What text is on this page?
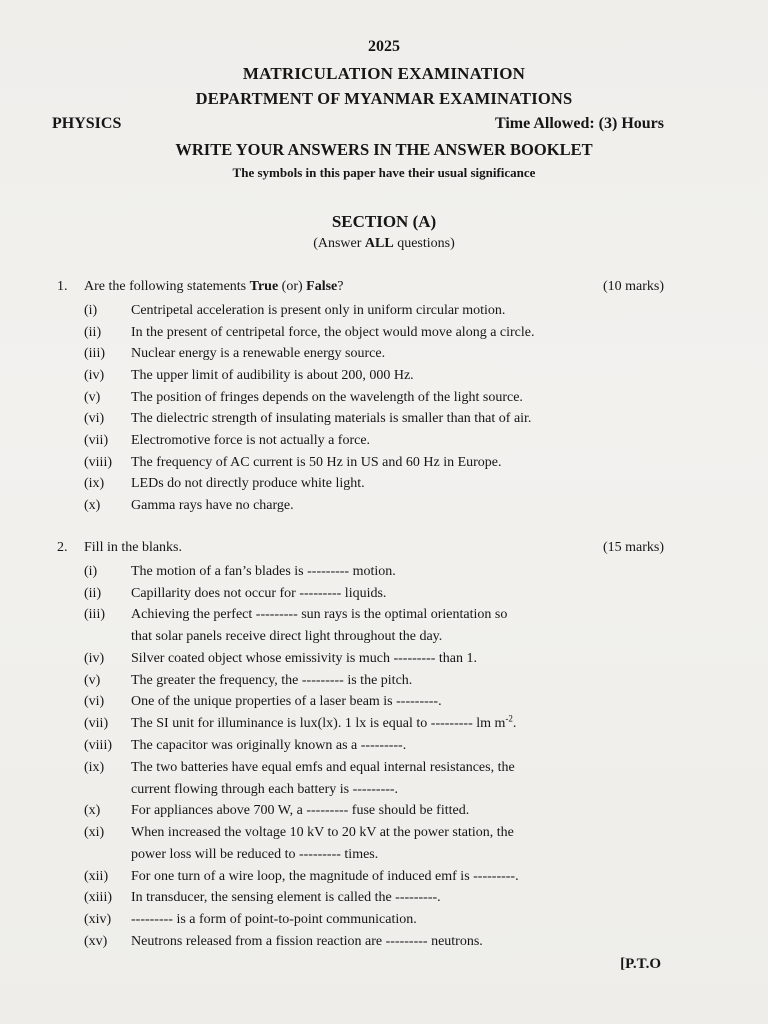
2025
MATRICULATION EXAMINATION
DEPARTMENT OF MYANMAR EXAMINATIONS
PHYSICS	Time Allowed: (3) Hours
WRITE YOUR ANSWERS IN THE ANSWER BOOKLET
The symbols in this paper have their usual significance
SECTION (A)
(Answer ALL questions)
1. Are the following statements True (or) False?	(10 marks)
(i)	Centripetal acceleration is present only in uniform circular motion.
(ii)	In the present of centripetal force, the object would move along a circle.
(iii)	Nuclear energy is a renewable energy source.
(iv)	The upper limit of audibility is about 200, 000 Hz.
(v)	The position of fringes depends on the wavelength of the light source.
(vi)	The dielectric strength of insulating materials is smaller than that of air.
(vii)	Electromotive force is not actually a force.
(viii)	The frequency of AC current is 50 Hz in US and 60 Hz in Europe.
(ix)	LEDs do not directly produce white light.
(x)	Gamma rays have no charge.
2. Fill in the blanks.	(15 marks)
(i)	The motion of a fan’s blades is --------- motion.
(ii)	Capillarity does not occur for --------- liquids.
(iii)	Achieving the perfect --------- sun rays is the optimal orientation so
that solar panels receive direct light throughout the day.
(iv)	Silver coated object whose emissivity is much --------- than 1.
(v)	The greater the frequency, the --------- is the pitch.
(vi)	One of the unique properties of a laser beam is ---------.
(vii)	The SI unit for illuminance is lux(lx). 1 lx is equal to --------- lm $m^{-2}$.
(viii)	The capacitor was originally known as a ---------.
(ix)	The two batteries have equal emfs and equal internal resistances, the
current flowing through each battery is ---------.
(x)	For appliances above 700 W, a --------- fuse should be fitted.
(xi)	When increased the voltage 10 kV to 20 kV at the power station, the
power loss will be reduced to --------- times.
(xii)	For one turn of a wire loop, the magnitude of induced emf is ---------.
(xiii)	In transducer, the sensing element is called the ---------.
(xiv)	--------- is a form of point-to-point communication.
(xv)	Neutrons released from a fission reaction are --------- neutrons.
[P.T.O
